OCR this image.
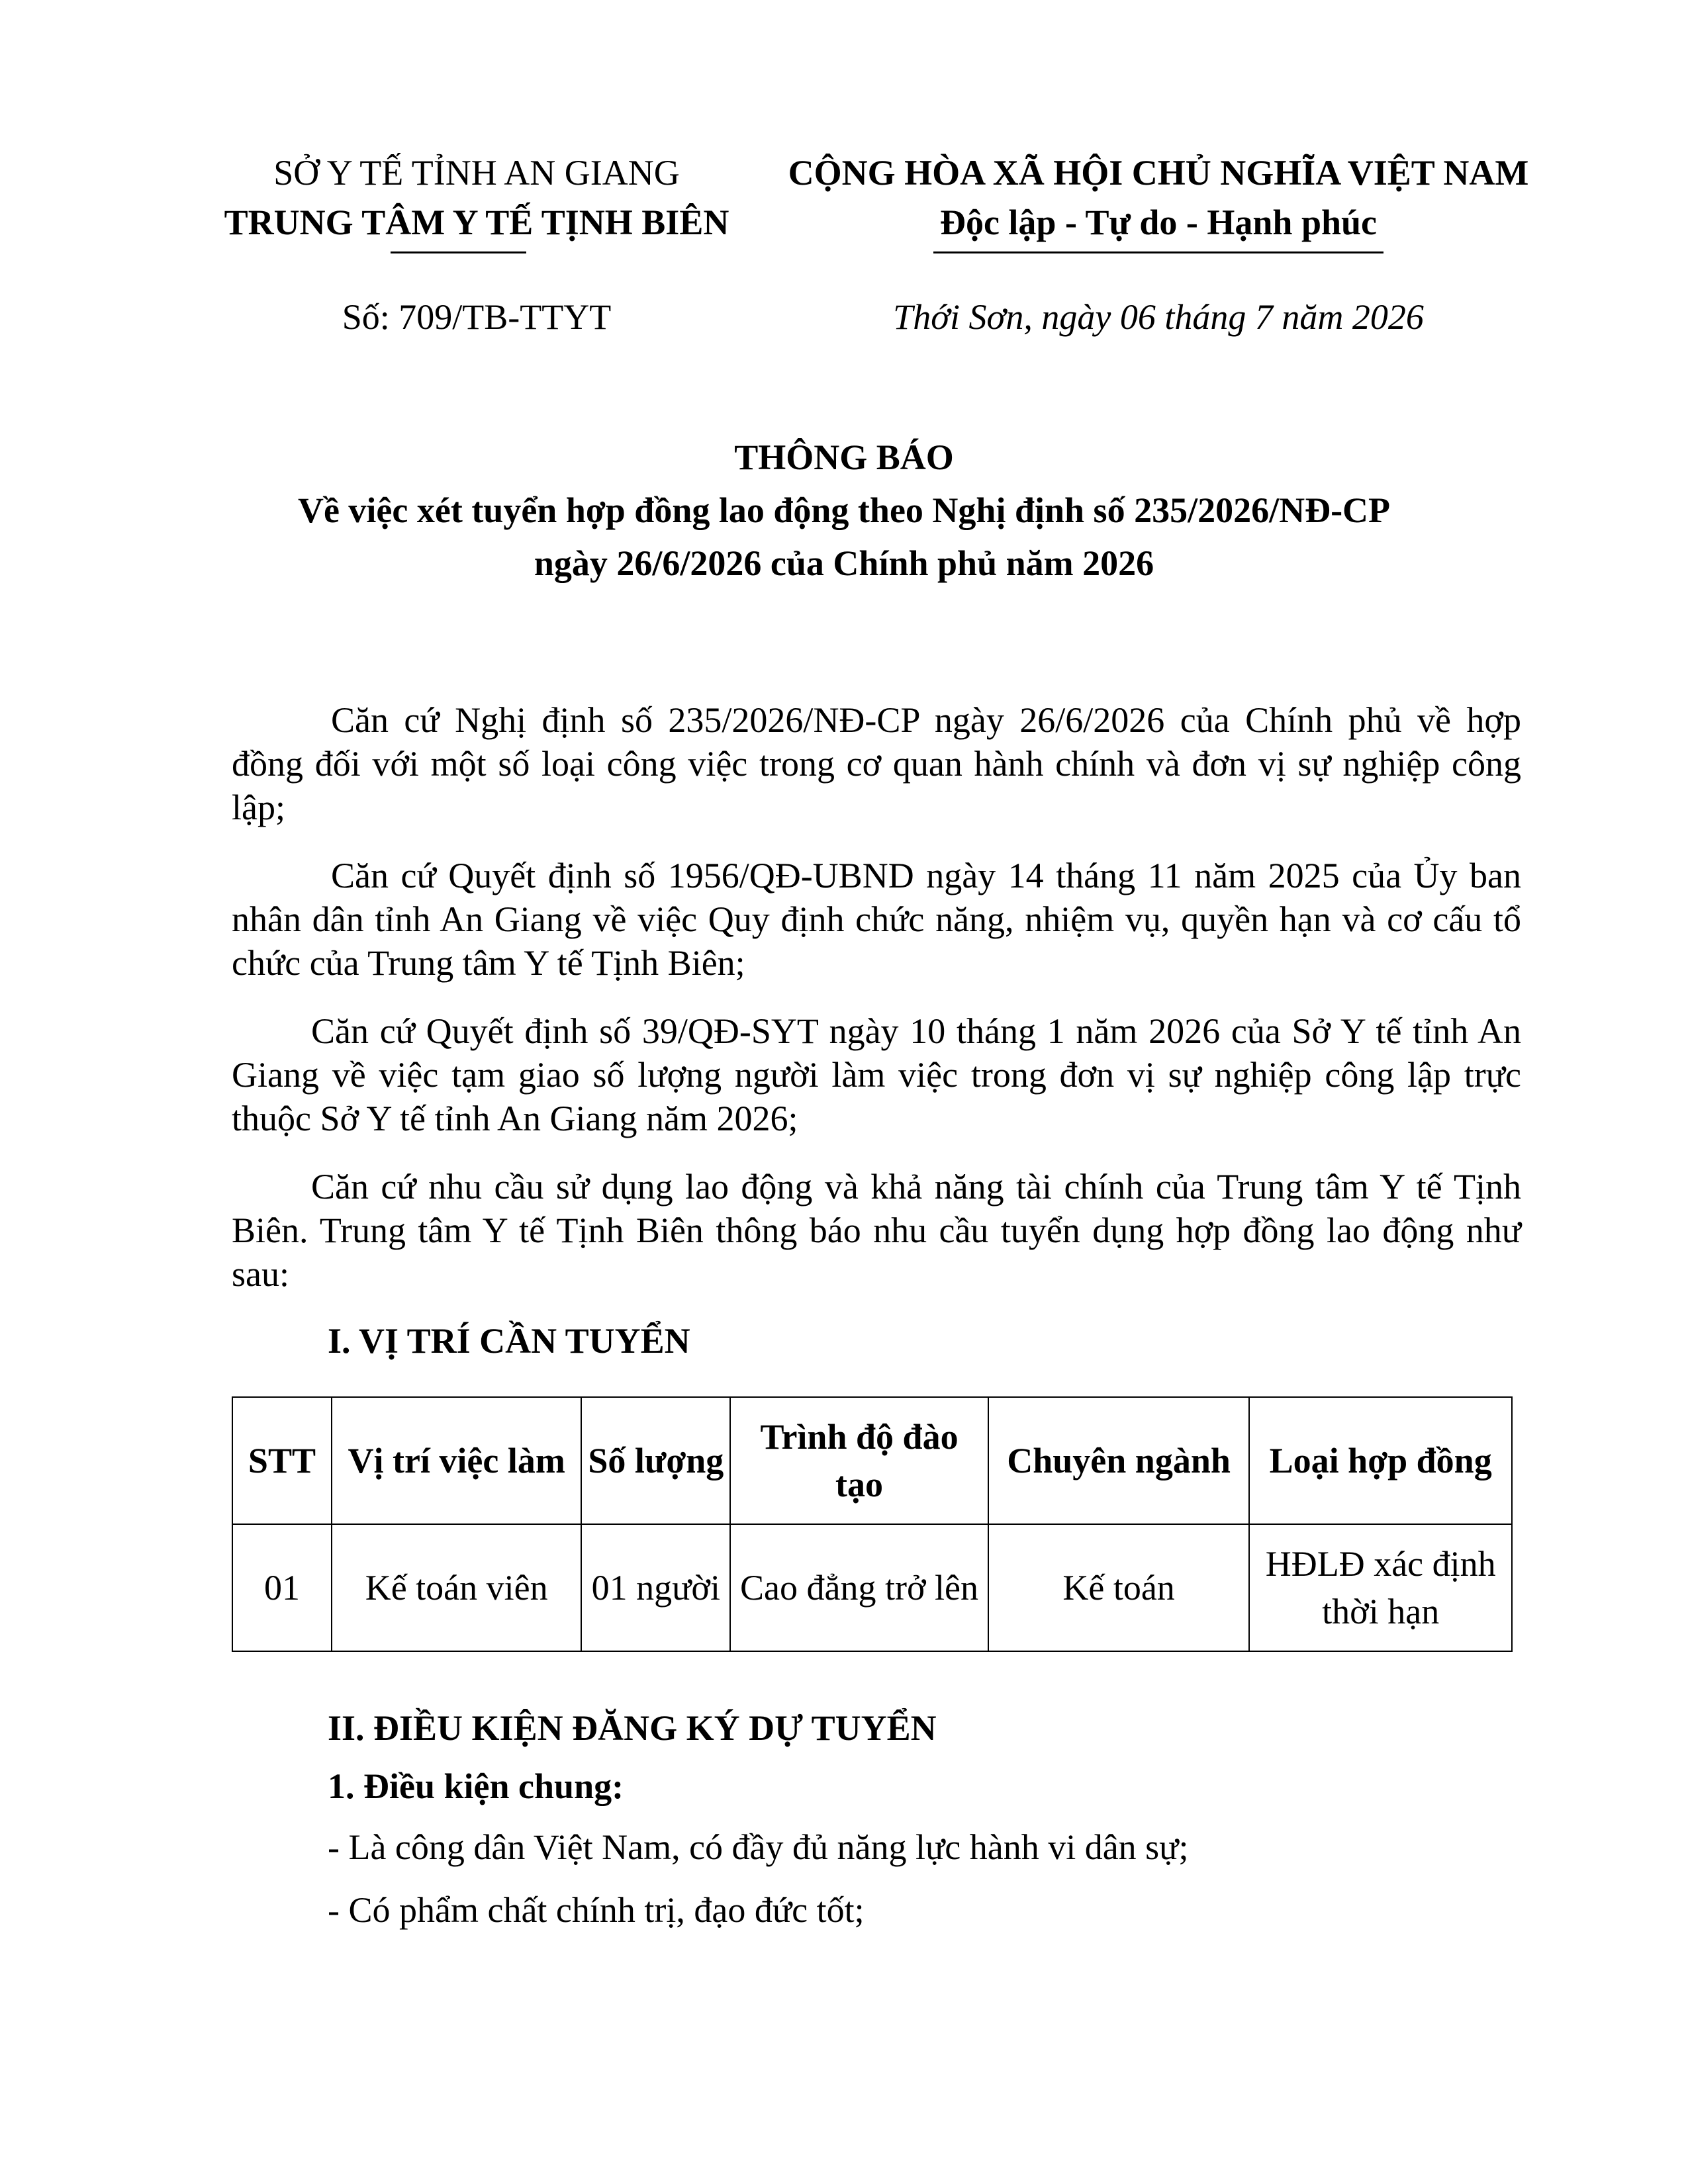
SỞ Y TẾ TỈNH AN GIANG
TRUNG TÂM Y TẾ TỊNH BIÊN
CỘNG HÒA XÃ HỘI CHỦ NGHĨA VIỆT NAM
Độc lập - Tự do - Hạnh phúc
Số: 709/TB-TTYT	Thới Sơn, ngày 06 tháng 7 năm 2026
THÔNG BÁO
Về việc xét tuyển hợp đồng lao động theo Nghị định số 235/2026/NĐ-CP
ngày 26/6/2026 của Chính phủ năm 2026
Căn cứ Nghị định số 235/2026/NĐ-CP ngày 26/6/2026 của Chính phủ về hợp đồng đối với một số loại công việc trong cơ quan hành chính và đơn vị sự nghiệp công lập;
Căn cứ Quyết định số 1956/QĐ-UBND ngày 14 tháng 11 năm 2025 của Ủy ban nhân dân tỉnh An Giang về việc Quy định chức năng, nhiệm vụ, quyền hạn và cơ cấu tổ chức của Trung tâm Y tế Tịnh Biên;
Căn cứ Quyết định số 39/QĐ-SYT ngày 10 tháng 1 năm 2026 của Sở Y tế tỉnh An Giang về việc tạm giao số lượng người làm việc trong đơn vị sự nghiệp công lập trực thuộc Sở Y tế tỉnh An Giang năm 2026;
Căn cứ nhu cầu sử dụng lao động và khả năng tài chính của Trung tâm Y tế Tịnh Biên. Trung tâm Y tế Tịnh Biên thông báo nhu cầu tuyển dụng hợp đồng lao động như sau:
I. VỊ TRÍ CẦN TUYỂN
STT	Vị trí việc làm	Số lượng	Trình độ đào tạo	Chuyên ngành	Loại hợp đồng
01	Kế toán viên	01 người	Cao đẳng trở lên	Kế toán	HĐLĐ xác định thời hạn
II. ĐIỀU KIỆN ĐĂNG KÝ DỰ TUYỂN
1. Điều kiện chung:
- Là công dân Việt Nam, có đầy đủ năng lực hành vi dân sự;
- Có phẩm chất chính trị, đạo đức tốt;
